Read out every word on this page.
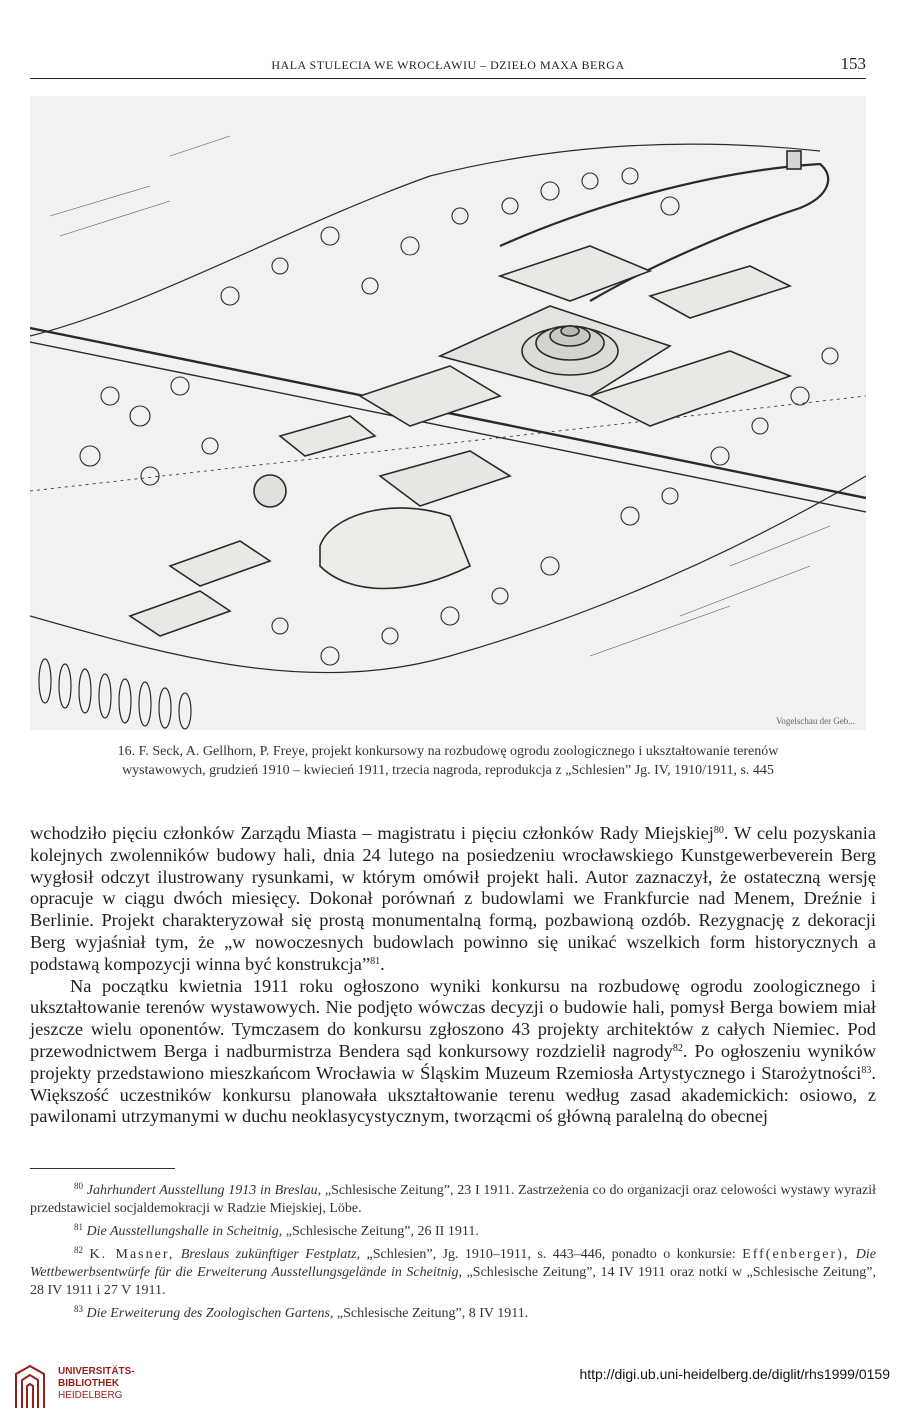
HALA STULECIA WE WROCŁAWIU – DZIEŁO MAXA BERGA	153
Vogelschau der Geb...
16. F. Seck, A. Gellhorn, P. Freye, projekt konkursowy na rozbudowę ogrodu zoologicznego i ukształtowanie terenów
wystawowych, grudzień 1910 – kwiecień 1911, trzecia nagroda, reprodukcja z „Schlesien” Jg. IV, 1910/1911, s. 445

wchodziło pięciu członków Zarządu Miasta – magistratu i pięciu członków Rady Miejskiej$^{80}$. W celu pozyskania kolejnych zwolenników budowy hali, dnia 24 lutego na posiedzeniu wrocławskiego Kunstgewerbeverein Berg wygłosił odczyt ilustrowany rysunkami, w którym omówił projekt hali. Autor zaznaczył, że ostateczną wersję opracuje w ciągu dwóch miesięcy. Dokonał porównań z budowlami we Frankfurcie nad Menem, Dreźnie i Berlinie. Projekt charakteryzował się prostą monumentalną formą, pozbawioną ozdób. Rezygnację z dekoracji Berg wyjaśniał tym, że „w nowoczesnych budowlach powinno się unikać wszelkich form historycznych a podstawą kompozycji winna być konstrukcja”$^{81}$.

Na początku kwietnia 1911 roku ogłoszono wyniki konkursu na rozbudowę ogrodu zoologicznego i ukształtowanie terenów wystawowych. Nie podjęto wówczas decyzji o budowie hali, pomysł Berga bowiem miał jeszcze wielu oponentów. Tymczasem do konkursu zgłoszono 43 projekty architektów z całych Niemiec. Pod przewodnictwem Berga i nadburmistrza Bendera sąd konkursowy rozdzielił nagrody$^{82}$. Po ogłoszeniu wyników projekty przedstawiono mieszkańcom Wrocławia w Śląskim Muzeum Rzemiosła Artystycznego i Starożytności$^{83}$. Większość uczestników konkursu planowała ukształtowanie terenu według zasad akademickich: osiowo, z pawilonami utrzymanymi w duchu neoklasycystycznym, tworzącmi oś główną paralelną do obecnej

$^{80}$ Jahrhundert Ausstellung 1913 in Breslau, „Schlesische Zeitung”, 23 I 1911. Zastrzeżenia co do organizacji oraz celowości wystawy wyraził przedstawiciel socjaldemokracji w Radzie Miejskiej, Löbe.

$^{81}$ Die Ausstellungshalle in Scheitnig, „Schlesische Zeitung”, 26 II 1911.

$^{82}$ K. Masner, Breslaus zukünftiger Festplatz, „Schlesien”, Jg. 1910–1911, s. 443–446, ponadto o konkursie: Eff(enberger), Die Wettbewerbsentwürfe für die Erweiterung Ausstellungsgelände in Scheitnig, „Schlesische Zeitung”, 14 IV 1911 oraz notki w „Schlesische Zeitung”, 28 IV 1911 i 27 V 1911.

$^{83}$ Die Erweiterung des Zoologischen Gartens, „Schlesische Zeitung”, 8 IV 1911.

UNIVERSITÄTS-
BIBLIOTHEK
HEIDELBERG
http://digi.ub.uni-heidelberg.de/diglit/rhs1999/0159
